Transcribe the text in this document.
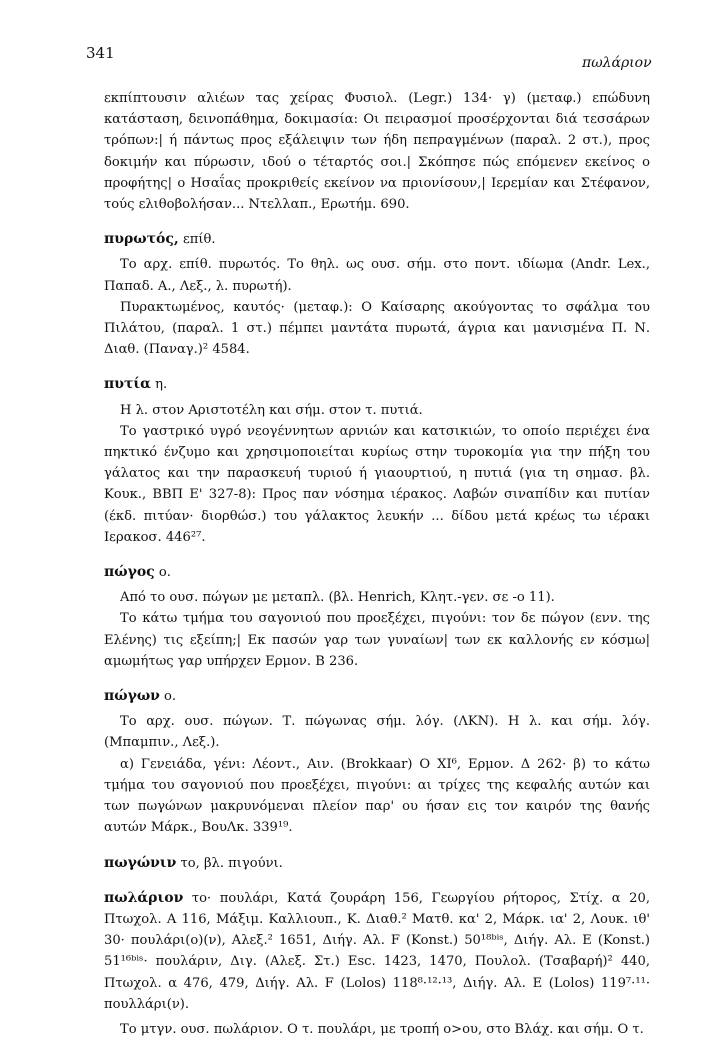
341
πωλάριον

εκπίπτουσιν αλιέων τας χείρας Φυσιολ. (Legr.) 134· γ) (μεταφ.) επώδυνη κατάσταση, δεινοπάθημα, δοκιμασία: Οι πειρασμοί προσέρχονται διά τεσσάρων τρόπων:| ή πάντως προς εξάλειψιν των ήδη πεπραγμένων (παραλ. 2 στ.), προς δοκιμήν και πύρωσιν, ιδού ο τέταρτός σοι.| Σκόπησε πώς επόμενεν εκείνος ο προφήτης| ο Ησαΐας προκριθείς εκείνον να πριονίσουν,| Ιερεμίαν και Στέφανον, τούς ελιθοβολήσαν... Ντελλαπ., Ερωτήμ. 690.

πυρωτός, επίθ.

Το αρχ. επίθ. πυρωτός. Το θηλ. ως ουσ. σήμ. στο ποντ. ιδίωμα (Andr. Lex., Παπαδ. Α., Λεξ., λ. πυρωτή).

Πυρακτωμένος, καυτός· (μεταφ.): Ο Καίσαρης ακούγοντας το σφάλμα του Πιλάτου, (παραλ. 1 στ.) πέμπει μαντάτα πυρωτά, άγρια και μανισμένα Π. Ν. Διαθ. (Παναγ.)² 4584.

πυτία η.

Η λ. στον Αριστοτέλη και σήμ. στον τ. πυτιά.

Το γαστρικό υγρό νεογέννητων αρνιών και κατσικιών, το οποίο περιέχει ένα πηκτικό ένζυμο και χρησιμοποιείται κυρίως στην τυροκομία για την πήξη του γάλατος και την παρασκευή τυριού ή γιαουρτιού, η πυτιά (για τη σημασ. βλ. Κουκ., ΒΒΠ Ε' 327-8): Προς παν νόσημα ιέρακος. Λαβών σιναπίδιν και πυτίαν (έκδ. πιτύαν· διορθώσ.) του γάλακτος λευκήν ... δίδου μετά κρέως τω ιέρακι Ιερακοσ. 446²⁷.

πώγος ο.

Από το ουσ. πώγων με μεταπλ. (βλ. Henrich, Κλητ.-γεν. σε -ο 11).

Το κάτω τμήμα του σαγονιού που προεξέχει, πιγούνι: τον δε πώγον (ενν. της Ελένης) τις εξείπη;| Εκ πασών γαρ των γυναίων| των εκ καλλονής εν κόσμω| αμωμήτως γαρ υπήρχεν Ερμον. Β 236.

πώγων ο.

Το αρχ. ουσ. πώγων. Τ. πώγωνας σήμ. λόγ. (ΛΚΝ). Η λ. και σήμ. λόγ. (Μπαμπιν., Λεξ.).

α) Γενειάδα, γένι: Λέοντ., Αιν. (Brokkaar) Ο ΧΙ⁶, Ερμον. Δ 262· β) το κάτω τμήμα του σαγονιού που προεξέχει, πιγούνι: αι τρίχες της κεφαλής αυτών και των πωγώνων μακρυνόμεναι πλείον παρ' ου ήσαν εις τον καιρόν της θανής αυτών Μάρκ., ΒουΛκ. 339¹⁹.

πωγώνιν το, βλ. πιγούνι.

πωλάριον το· πουλάρι, Κατά ζουράρη 156, Γεωργίου ρήτορος, Στίχ. α 20, Πτωχολ. Α 116, Μάξιμ. Καλλιουπ., Κ. Διαθ.² Ματθ. κα' 2, Μάρκ. ια' 2, Λουκ. ιθ' 30· πουλάρι(ο)(ν), Αλεξ.² 1651, Διήγ. Αλ. F (Konst.) 50¹⁸ᵇⁱˢ, Διήγ. Αλ. Ε (Konst.) 51¹⁶ᵇⁱˢ· πουλάριν, Διγ. (Αλεξ. Στ.) Esc. 1423, 1470, Πουλολ. (Τσαβαρή)² 440, Πτωχολ. α 476, 479, Διήγ. Αλ. F (Lolos) 118⁸·¹²·¹³, Διήγ. Αλ. Ε (Lolos) 119⁷·¹¹· πουλλάρι(ν).

Το μτγν. ουσ. πωλάριον. Ο τ. πουλάρι, με τροπή ο>ου, στο Βλάχ. και σήμ. Ο τ.
